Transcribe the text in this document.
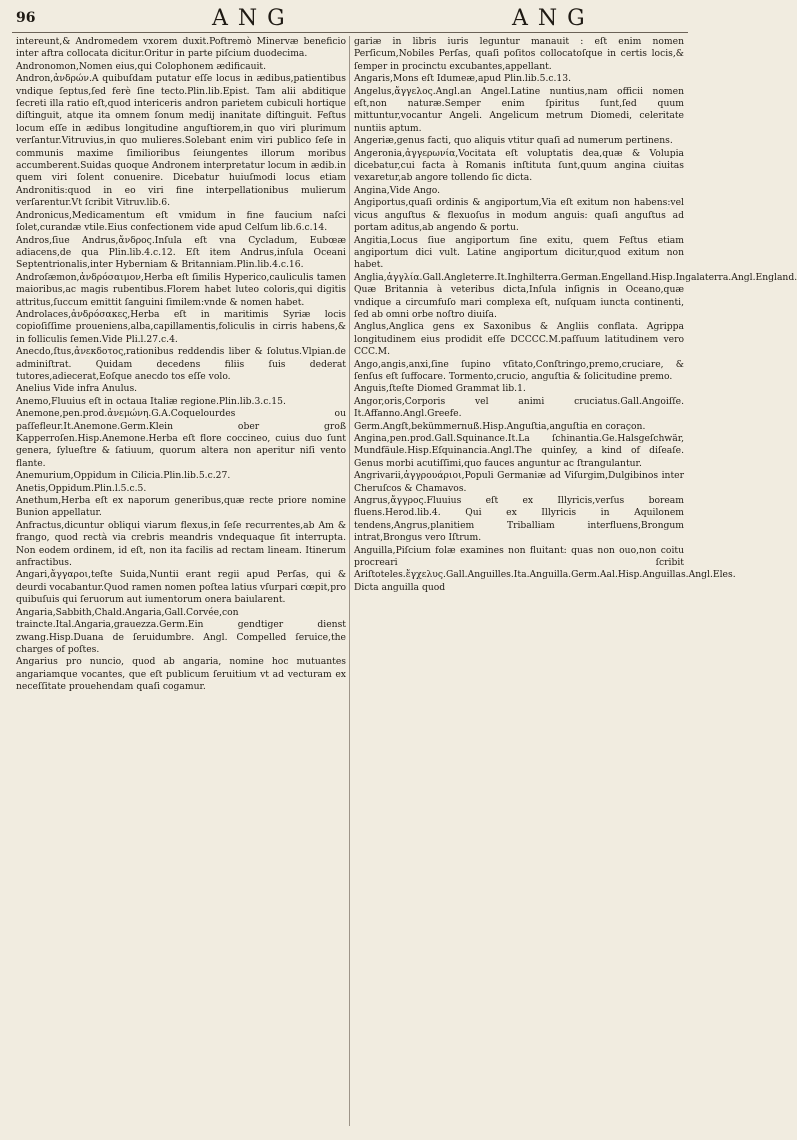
96	ANG	ANG

intereunt,& Andromedem vxorem duxit.Poftremò Minervæ beneficio inter aftra collocata dicitur.Oritur in parte piſcium duodecima.

Andronomon,Nomen eius,qui Colophonem ædificauit.

Andron,ἀνδρών.A quibuſdam putatur eſſe locus in ædibus,patientibus vndique ſeptus,ſed ferè ſine tecto.Plin.lib.Epist. Tam alii abditique ſecreti illa ratio eſt,quod intericeris andron parietem cubiculi hortique diſtinguit, atque ita omnem ſonum medij inanitate diſtinguit. Feſtus locum eſſe in ædibus longitudine anguſtiorem,in quo viri plurimum verſantur.Vitruvius,in quo mulieres.Solebant enim viri publico ſeſe in communis maxime ſimilioribus ſeiungentes illorum moribus accumberent.Suidas quoque Andronem interpretatur locum in ædib.in quem viri ſolent conuenire. Dicebatur huiuſmodi locus etiam Andronitis:quod in eo viri fine interpellationibus mulierum verſarentur.Vt ſcribit Vitruv.lib.6.

Andronicus,Medicamentum eſt vmidum in fine faucium naſci ſolet,curandæ vtile.Eius confectionem vide apud Celſum lib.6.c.14.

Andros,ſiue Andrus,ἄνδρος.Inſula eſt vna Cycladum, Eubœæ adiacens,de qua Plin.lib.4.c.12. Eſt item Andrus,inſula Oceani Septentrionalis,inter Hyberniam & Britanniam.Plin.lib.4.c.16.

Androſæmon,ἀνδρόσαιμον,Herba eſt ſimilis Hyperico,cauliculis tamen maioribus,ac magis rubentibus.Florem habet luteo coloris,qui digitis attritus,ſuccum emittit ſanguini ſimilem:vnde & nomen habet.

Androlaces,ἀνδρόσακες,Herba eſt in maritimis Syriæ locis copioſiſſime proueniens,alba,capillamentis,foliculis in cirris habens,& in folliculis ſemen.Vide Pli.l.27.c.4.

Anecdo,ſtus,ἀνεκδοτος,rationibus reddendis liber & ſolutus.Vlpian.de adminiſtrat. Quidam decedens filiis ſuis dederat tutores,adiecerat,Eoſque anecdo tos eſſe volo.

Anelius Vide infra Anulus.

Anemo,Fluuius eſt in octaua Italiæ regione.Plin.lib.3.c.15.

Anemone,pen.prod.ἀνεμώνη.G.A.Coquelourdes ou paſſefleur.It.Anemone.Germ.Klein ober groß Kapperroſen.Hisp.Anemone.Herba eſt flore coccineo, cuius duo ſunt genera, ſylueſtre & ſatiuum, quorum altera non aperitur niſi vento flante.

Anemurium,Oppidum in Cilicia.Plin.lib.5.c.27.

Anetis,Oppidum.Plin.l.5.c.5.

Anethum,Herba eſt ex naporum generibus,quæ recte priore nomine Bunion appellatur.

Anfractus,dicuntur obliqui viarum flexus,in ſeſe recurrentes,ab Am & frango, quod rectà via crebris meandris vndequaque ſit interrupta. Non eodem ordinem, id eſt, non ita facilis ad rectam lineam. Itinerum anfractibus.

Angari,ἄγγαροι,teſte Suida,Nuntii erant regii apud Perſas, qui & deurdi vocabantur.Quod ramen nomen poſtea latius vſurpari cœpit,pro quibuſuis qui ſeruorum aut iumentorum onera baiularent.

Angaria,Sabbith,Chald.Angaria,Gall.Corvée,con traincte.Ital.Angaria,grauezza.Germ.Ein gendtiger dienst zwang.Hisp.Duana de ſeruidumbre. Angl. Compelled ſeruice,the charges of poſtes.

Angarius pro nuncio, quod ab angaria, nomine hoc mutuantes angariamque vocantes, que eſt publicum ſeruitium vt ad vecturam ex neceſſitate prouehendam quaſi cogamur.

gariæ in libris iuris leguntur manauit : eſt enim nomen Perſicum,Nobiles Perſas, quaſi poſitos collocatoſque in certis locis,& ſemper in procinctu excubantes,appellant.

Angaris,Mons eſt Idumeæ,apud Plin.lib.5.c.13.

Angelus,ἄγγελος.Angl.an Angel.Latine nuntius,nam officii nomen eſt,non naturæ.Semper enim ſpiritus ſunt,ſed quum mittuntur,vocantur Angeli. Angelicum metrum Diomedi, celeritate nuntiis aptum.

Angeriæ,genus facti, quo aliquis vtitur quaſi ad numerum pertinens.

Angeronia,ἀγγερωνία,Vocitata eſt voluptatis dea,quæ & Volupia dicebatur,cui facta à Romanis inſtituta ſunt,quum angina ciuitas vexaretur,ab angore tollendo ſic dicta.

Angina,Vide Ango.

Angiportus,quaſi ordinis & angiportum,Via eſt exitum non habens:vel vicus anguſtus & flexuoſus in modum anguis: quaſi anguſtus ad portam aditus,ab angendo & portu.

Angitia,Locus ſiue angiportum ſine exitu, quem Feſtus etiam angiportum dici vult. Latine angiportum dicitur,quod exitum non habet.

Anglia,ἀγγλία.Gall.Angleterre.It.Inghilterra.German.Engelland.Hisp.Ingalaterra.Angl.England. Quæ Britannia à veteribus dicta,Inſula inſignis in Oceano,quæ vndique a circumfuſo mari complexa eſt, nuſquam iuncta continenti, ſed ab omni orbe noſtro diuiſa.

Anglus,Anglica gens ex Saxonibus & Angliis conflata. Agrippa longitudinem eius prodidit eſſe DCCCC.M.paſſuum latitudinem vero CCC.M.

Ango,angis,anxi,ſine ſupino vſitato,Conſtringo,premo,cruciare, & ſenſus eſt ſuffocare. Tormento,crucio, anguſtia & ſolicitudine premo.

Anguis,ſteſte Diomed Grammat lib.1.

Angor,oris,Corporis vel animi cruciatus.Gall.Angoiſſe. It.Affanno.Angl.Greefe. Germ.Angſt,bekümmernuß.Hisp.Anguſtia,anguſtia en coraçon.

Angina,pen.prod.Gall.Squinance.It.La ſchinantia.Ge.Halsgeſchwär, Mundfäule.Hisp.Eſquinancia.Angl.The quinſey, a kind of diſeaſe. Genus morbi acutiſſimi,quo fauces anguntur ac ſtrangulantur.

Angrivarii,ἀγγρουάριοι,Populi Germaniæ ad Viſurgim,Dulgibinos inter Cheruſcos & Chamavos.

Angrus,ἄγγρος.Fluuius eſt ex Illyricis,verſus boream fluens.Herod.lib.4. Qui ex Illyricis in Aquilonem tendens,Angrus,planitiem Triballiam interfluens,Brongum intrat,Brongus vero Iſtrum.

Anguilla,Piſcium folæ examines non fluitant: quas non ouo,non coitu procreari ſcribit Ariſtoteles.ἔγχελυς.Gall.Anguilles.Ita.Anguilla.Germ.Aal.Hisp.Anguillas.Angl.Eles. Dicta anguilla quod
